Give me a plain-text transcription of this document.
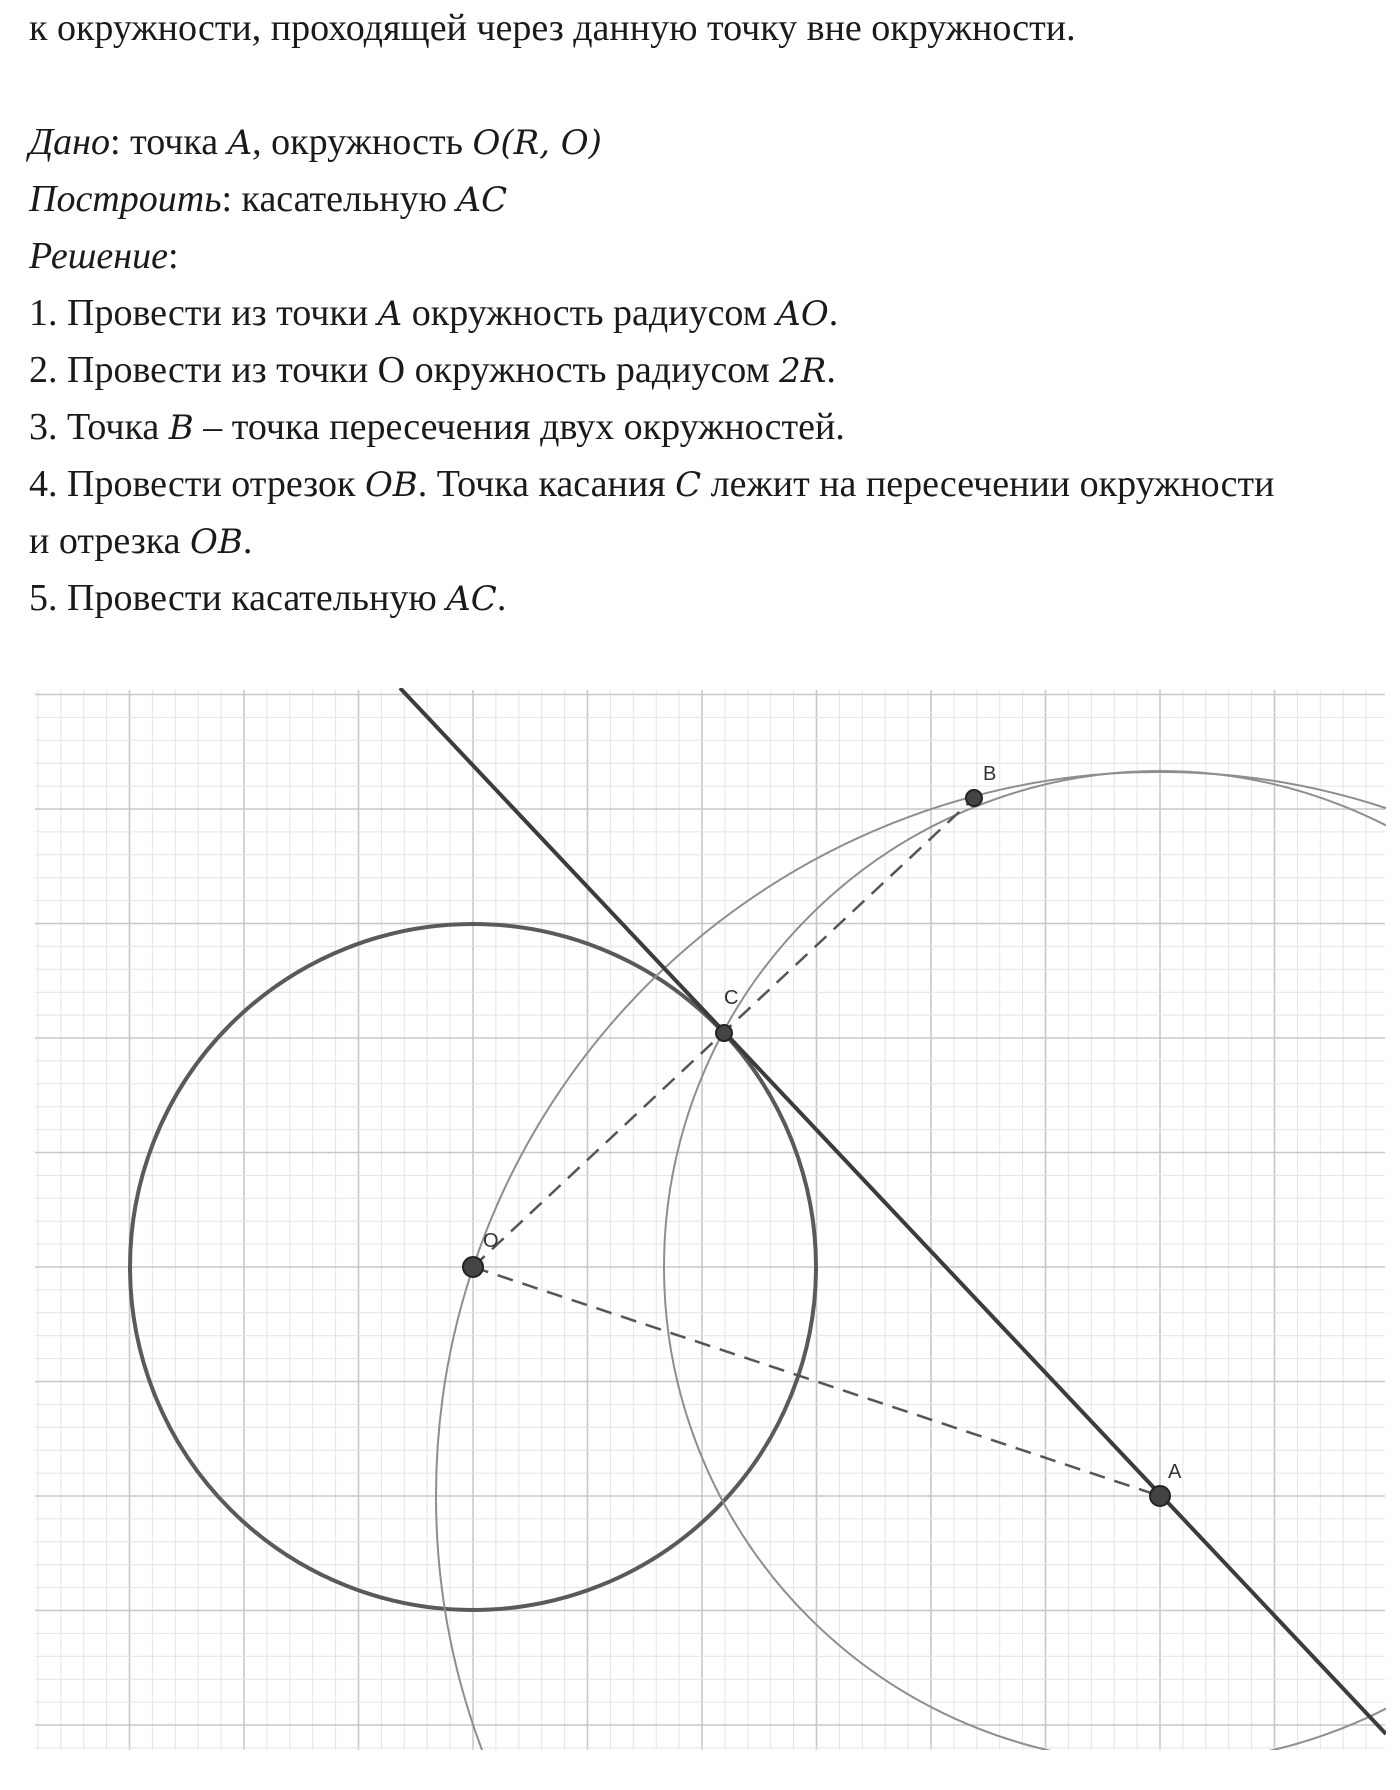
к окружности, проходящей через данную точку вне окружности.
Дано: точка A, окружность O(R, O)
Построить: касательную AC
Решение:
1. Провести из точки A окружность радиусом AO.
2. Провести из точки O окружность радиусом 2R.
3. Точка B – точка пересечения двух окружностей.
4. Провести отрезок OB. Точка касания C лежит на пересечении окружности
и отрезка OB.
5. Провести касательную AC.
O
A
B
C
